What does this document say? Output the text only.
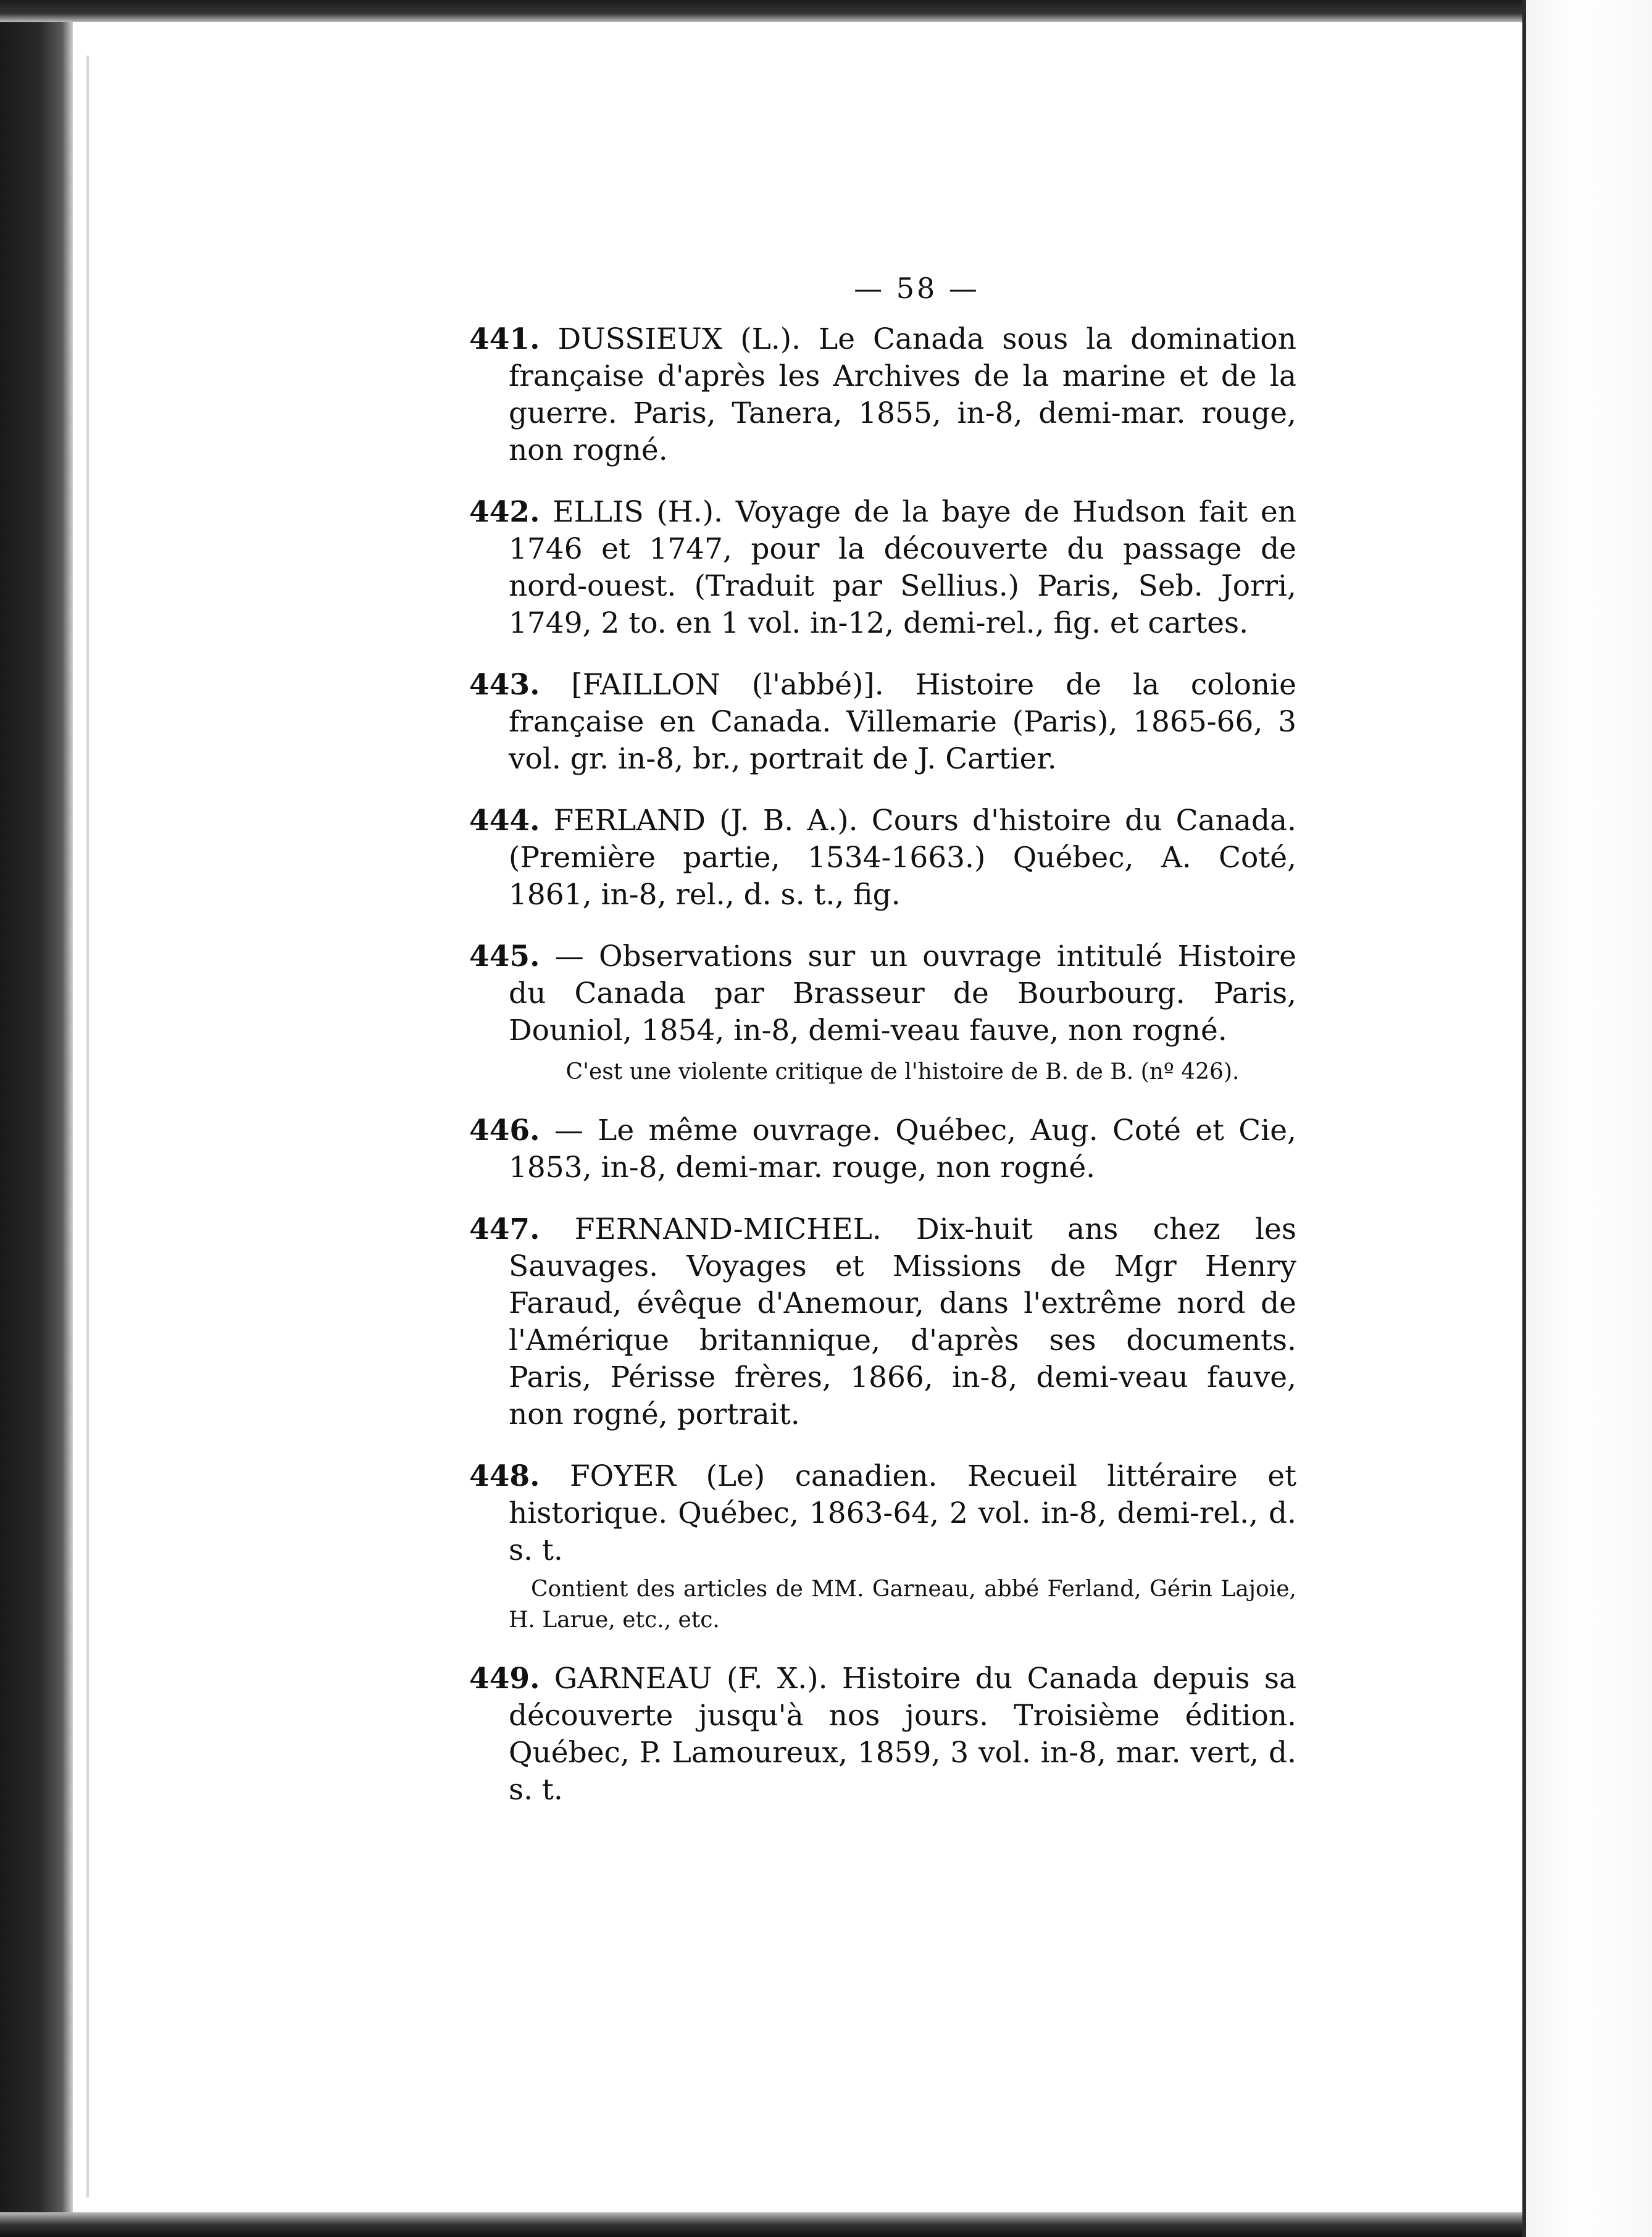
— 58 —
441. DUSSIEUX (L.). Le Canada sous la domination française d'après les Archives de la marine et de la guerre. Paris, Tanera, 1855, in-8, demi-mar. rouge, non rogné.
442. ELLIS (H.). Voyage de la baye de Hudson fait en 1746 et 1747, pour la découverte du passage de nord-ouest. (Traduit par Sellius.) Paris, Seb. Jorri, 1749, 2 to. en 1 vol. in-12, demi-rel., fig. et cartes.
443. [FAILLON (l'abbé)]. Histoire de la colonie française en Canada. Villemarie (Paris), 1865-66, 3 vol. gr. in-8, br., portrait de J. Cartier.
444. FERLAND (J. B. A.). Cours d'histoire du Canada. (Première partie, 1534-1663.) Québec, A. Coté, 1861, in-8, rel., d. s. t., fig.
445. — Observations sur un ouvrage intitulé Histoire du Canada par Brasseur de Bourbourg. Paris, Douniol, 1854, in-8, demi-veau fauve, non rogné.
C'est une violente critique de l'histoire de B. de B. (nº 426).
446. — Le même ouvrage. Québec, Aug. Coté et Cie, 1853, in-8, demi-mar. rouge, non rogné.
447. FERNAND-MICHEL. Dix-huit ans chez les Sauvages. Voyages et Missions de Mgr Henry Faraud, évêque d'Anemour, dans l'extrême nord de l'Amérique britannique, d'après ses documents. Paris, Périsse frères, 1866, in-8, demi-veau fauve, non rogné, portrait.
448. FOYER (Le) canadien. Recueil littéraire et historique. Québec, 1863-64, 2 vol. in-8, demi-rel., d. s. t.
Contient des articles de MM. Garneau, abbé Ferland, Gérin Lajoie, H. Larue, etc., etc.
449. GARNEAU (F. X.). Histoire du Canada depuis sa découverte jusqu'à nos jours. Troisième édition. Québec, P. Lamoureux, 1859, 3 vol. in-8, mar. vert, d. s. t.
